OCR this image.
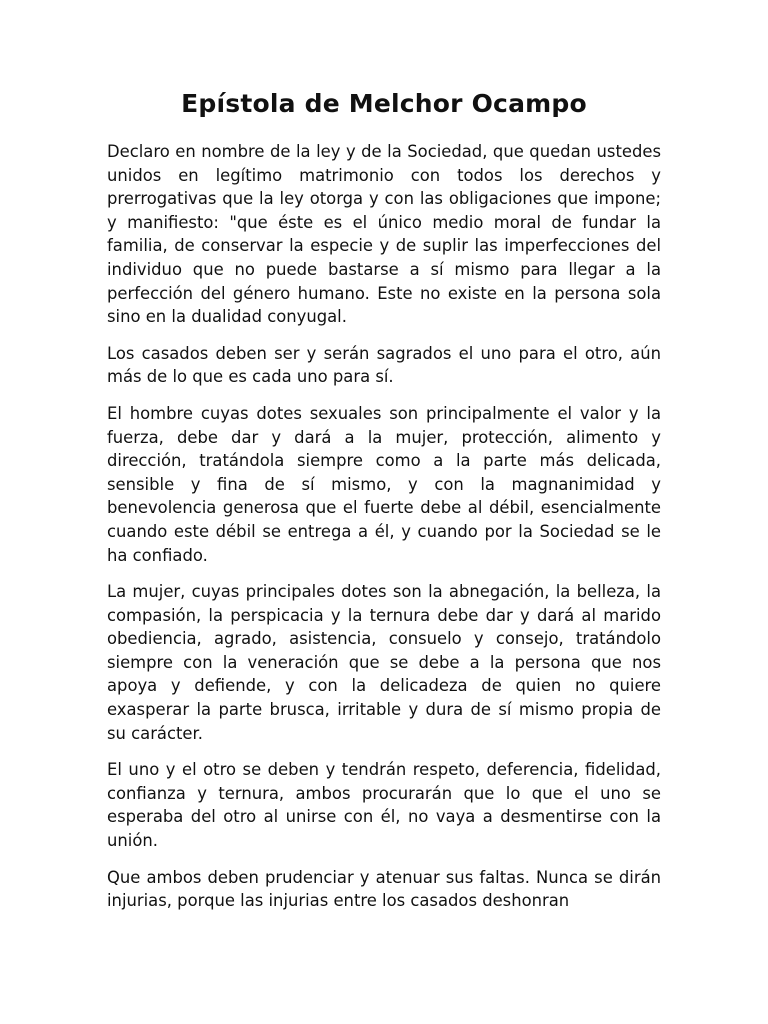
Epístola de Melchor Ocampo

Declaro en nombre de la ley y de la Sociedad, que quedan ustedes unidos en legítimo matrimonio con todos los derechos y prerrogativas que la ley otorga y con las obligaciones que impone; y manifiesto: "que éste es el único medio moral de fundar la familia, de conservar la especie y de suplir las imperfecciones del individuo que no puede bastarse a sí mismo para llegar a la perfección del género humano. Este no existe en la persona sola sino en la dualidad conyugal.

Los casados deben ser y serán sagrados el uno para el otro, aún más de lo que es cada uno para sí.

El hombre cuyas dotes sexuales son principalmente el valor y la fuerza, debe dar y dará a la mujer, protección, alimento y dirección, tratándola siempre como a la parte más delicada, sensible y fina de sí mismo, y con la magnanimidad y benevolencia generosa que el fuerte debe al débil, esencialmente cuando este débil se entrega a él, y cuando por la Sociedad se le ha confiado.

La mujer, cuyas principales dotes son la abnegación, la belleza, la compasión, la perspicacia y la ternura debe dar y dará al marido obediencia, agrado, asistencia, consuelo y consejo, tratándolo siempre con la veneración que se debe a la persona que nos apoya y defiende, y con la delicadeza de quien no quiere exasperar la parte brusca, irritable y dura de sí mismo propia de su carácter.

El uno y el otro se deben y tendrán respeto, deferencia, fidelidad, confianza y ternura, ambos procurarán que lo que el uno se esperaba del otro al unirse con él, no vaya a desmentirse con la unión.

Que ambos deben prudenciar y atenuar sus faltas. Nunca se dirán injurias, porque las injurias entre los casados deshonran
